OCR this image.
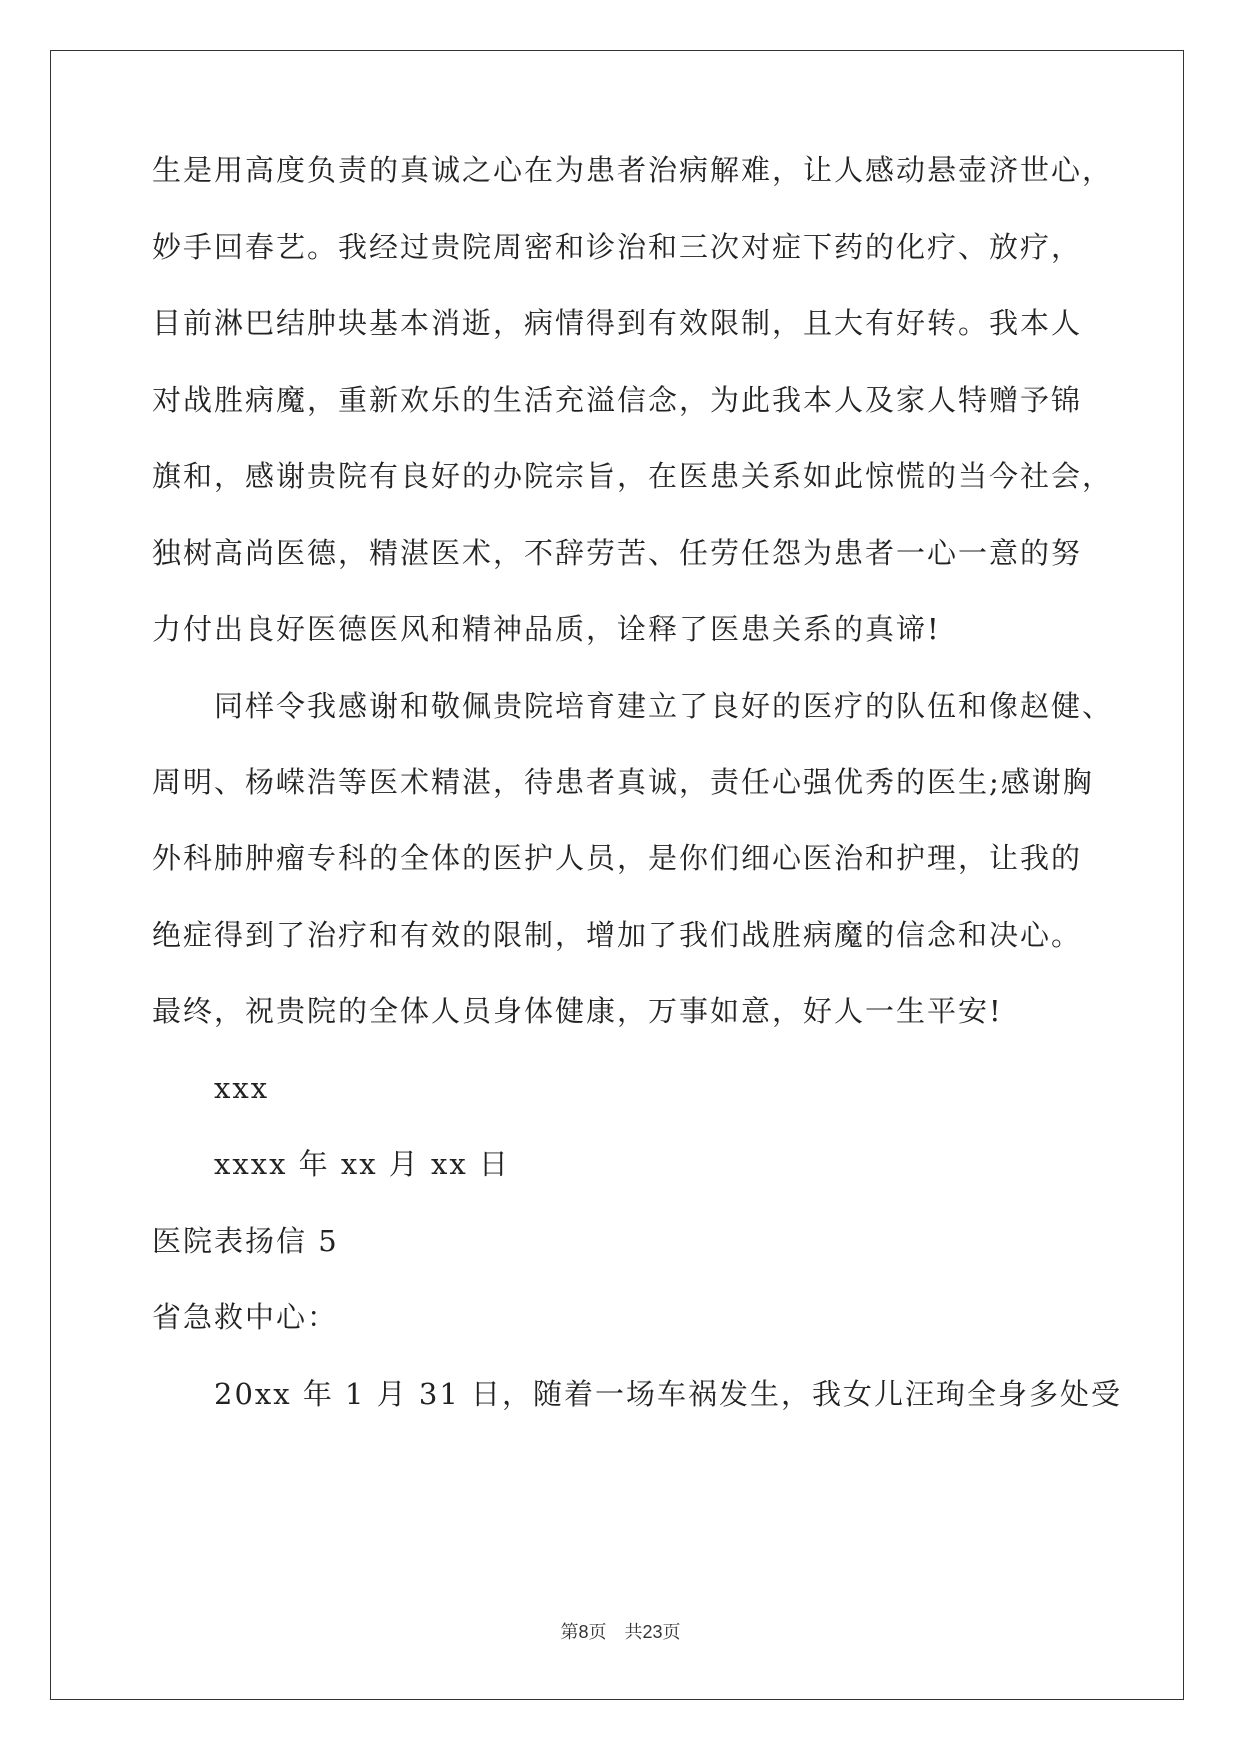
生是用高度负责的真诚之心在为患者治病解难，让人感动悬壶济世心，
妙手回春艺。我经过贵院周密和诊治和三次对症下药的化疗、放疗，
目前淋巴结肿块基本消逝，病情得到有效限制，且大有好转。我本人
对战胜病魔，重新欢乐的生活充溢信念，为此我本人及家人特赠予锦
旗和，感谢贵院有良好的办院宗旨，在医患关系如此惊慌的当今社会，
独树高尚医德，精湛医术，不辞劳苦、任劳任怨为患者一心一意的努
力付出良好医德医风和精神品质，诠释了医患关系的真谛!
同样令我感谢和敬佩贵院培育建立了良好的医疗的队伍和像赵健、
周明、杨嵘浩等医术精湛，待患者真诚，责任心强优秀的医生;感谢胸
外科肺肿瘤专科的全体的医护人员，是你们细心医治和护理，让我的
绝症得到了治疗和有效的限制，增加了我们战胜病魔的信念和决心。
最终，祝贵院的全体人员身体健康，万事如意，好人一生平安!
xxx
xxxx 年 xx 月 xx 日
医院表扬信 5
省急救中心：
20xx 年 1 月 31 日，随着一场车祸发生，我女儿汪珣全身多处受
第8页　共23页
